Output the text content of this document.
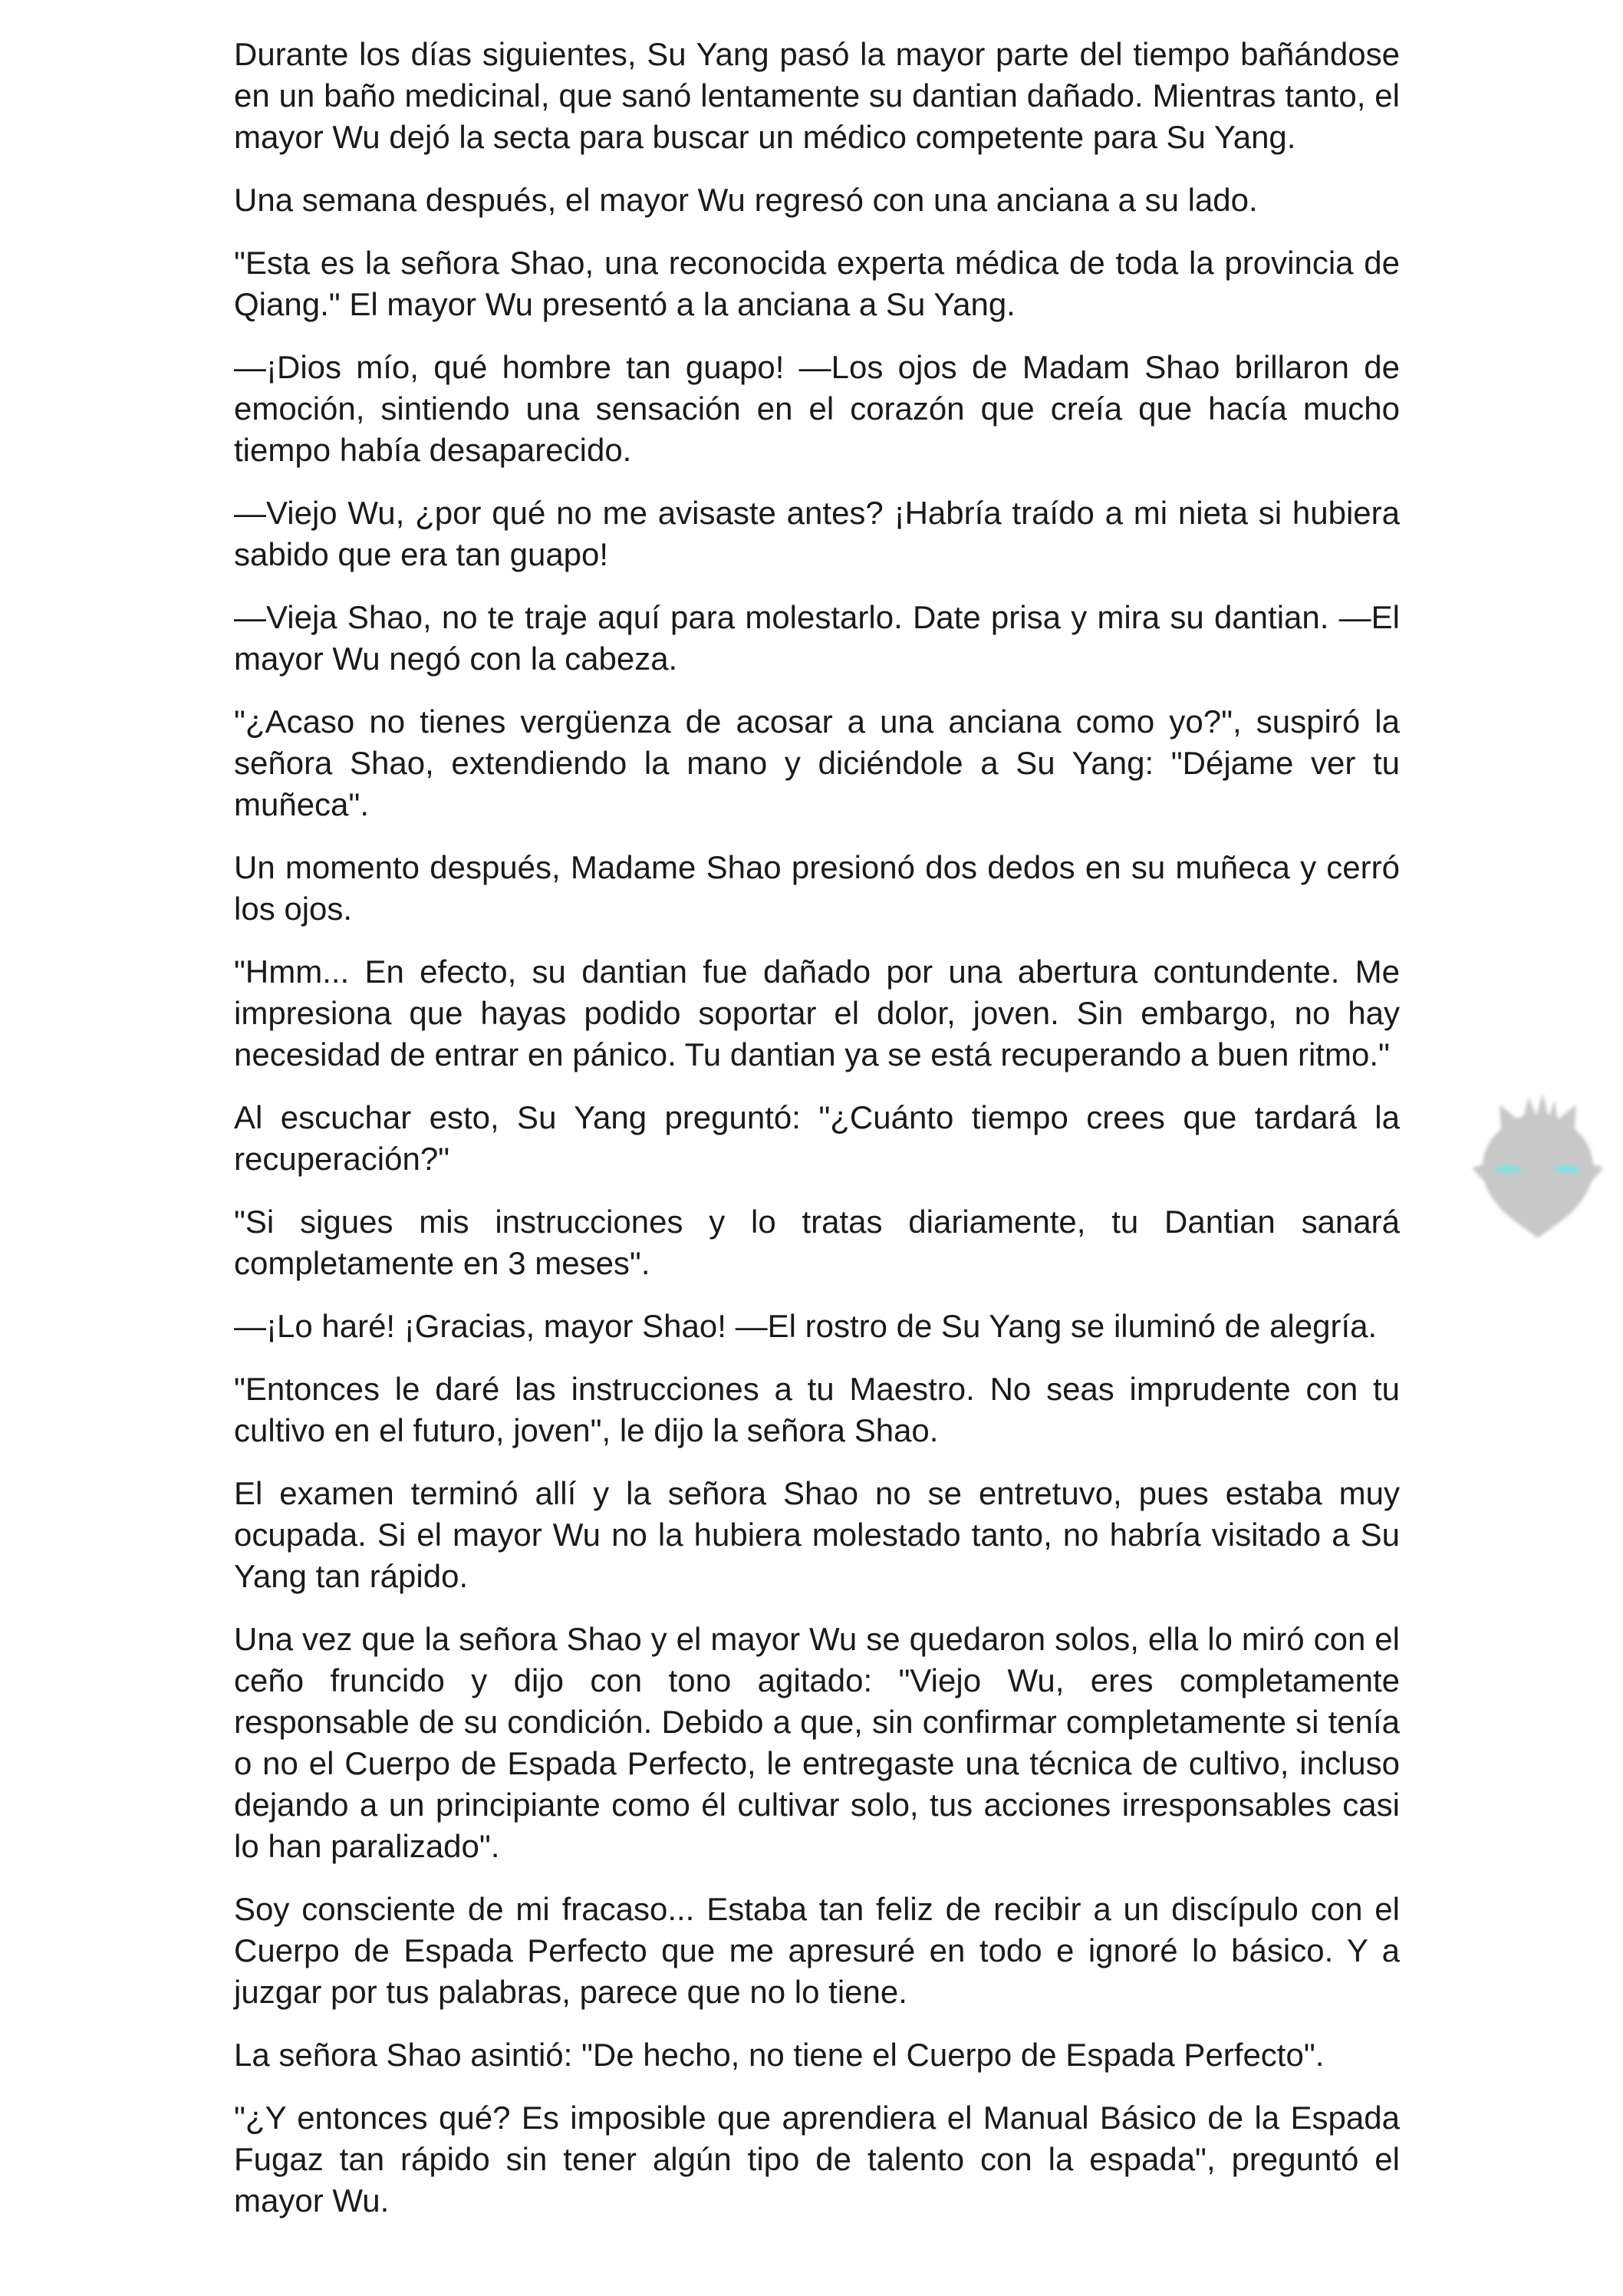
Durante los días siguientes, Su Yang pasó la mayor parte del tiempo bañándose en un baño medicinal, que sanó lentamente su dantian dañado. Mientras tanto, el mayor Wu dejó la secta para buscar un médico competente para Su Yang.

Una semana después, el mayor Wu regresó con una anciana a su lado.

"Esta es la señora Shao, una reconocida experta médica de toda la provincia de Qiang." El mayor Wu presentó a la anciana a Su Yang.

—¡Dios mío, qué hombre tan guapo! —Los ojos de Madam Shao brillaron de emoción, sintiendo una sensación en el corazón que creía que hacía mucho tiempo había desaparecido.

—Viejo Wu, ¿por qué no me avisaste antes? ¡Habría traído a mi nieta si hubiera sabido que era tan guapo!

—Vieja Shao, no te traje aquí para molestarlo. Date prisa y mira su dantian. —El mayor Wu negó con la cabeza.

"¿Acaso no tienes vergüenza de acosar a una anciana como yo?", suspiró la señora Shao, extendiendo la mano y diciéndole a Su Yang: "Déjame ver tu muñeca".

Un momento después, Madame Shao presionó dos dedos en su muñeca y cerró los ojos.

"Hmm... En efecto, su dantian fue dañado por una abertura contundente. Me impresiona que hayas podido soportar el dolor, joven. Sin embargo, no hay necesidad de entrar en pánico. Tu dantian ya se está recuperando a buen ritmo."

Al escuchar esto, Su Yang preguntó: "¿Cuánto tiempo crees que tardará la recuperación?"

"Si sigues mis instrucciones y lo tratas diariamente, tu Dantian sanará completamente en 3 meses".

—¡Lo haré! ¡Gracias, mayor Shao! —El rostro de Su Yang se iluminó de alegría.

"Entonces le daré las instrucciones a tu Maestro. No seas imprudente con tu cultivo en el futuro, joven", le dijo la señora Shao.

El examen terminó allí y la señora Shao no se entretuvo, pues estaba muy ocupada. Si el mayor Wu no la hubiera molestado tanto, no habría visitado a Su Yang tan rápido.

Una vez que la señora Shao y el mayor Wu se quedaron solos, ella lo miró con el ceño fruncido y dijo con tono agitado: "Viejo Wu, eres completamente responsable de su condición. Debido a que, sin confirmar completamente si tenía o no el Cuerpo de Espada Perfecto, le entregaste una técnica de cultivo, incluso dejando a un principiante como él cultivar solo, tus acciones irresponsables casi lo han paralizado".

Soy consciente de mi fracaso... Estaba tan feliz de recibir a un discípulo con el Cuerpo de Espada Perfecto que me apresuré en todo e ignoré lo básico. Y a juzgar por tus palabras, parece que no lo tiene.

La señora Shao asintió: "De hecho, no tiene el Cuerpo de Espada Perfecto".

"¿Y entonces qué? Es imposible que aprendiera el Manual Básico de la Espada Fugaz tan rápido sin tener algún tipo de talento con la espada", preguntó el mayor Wu.
